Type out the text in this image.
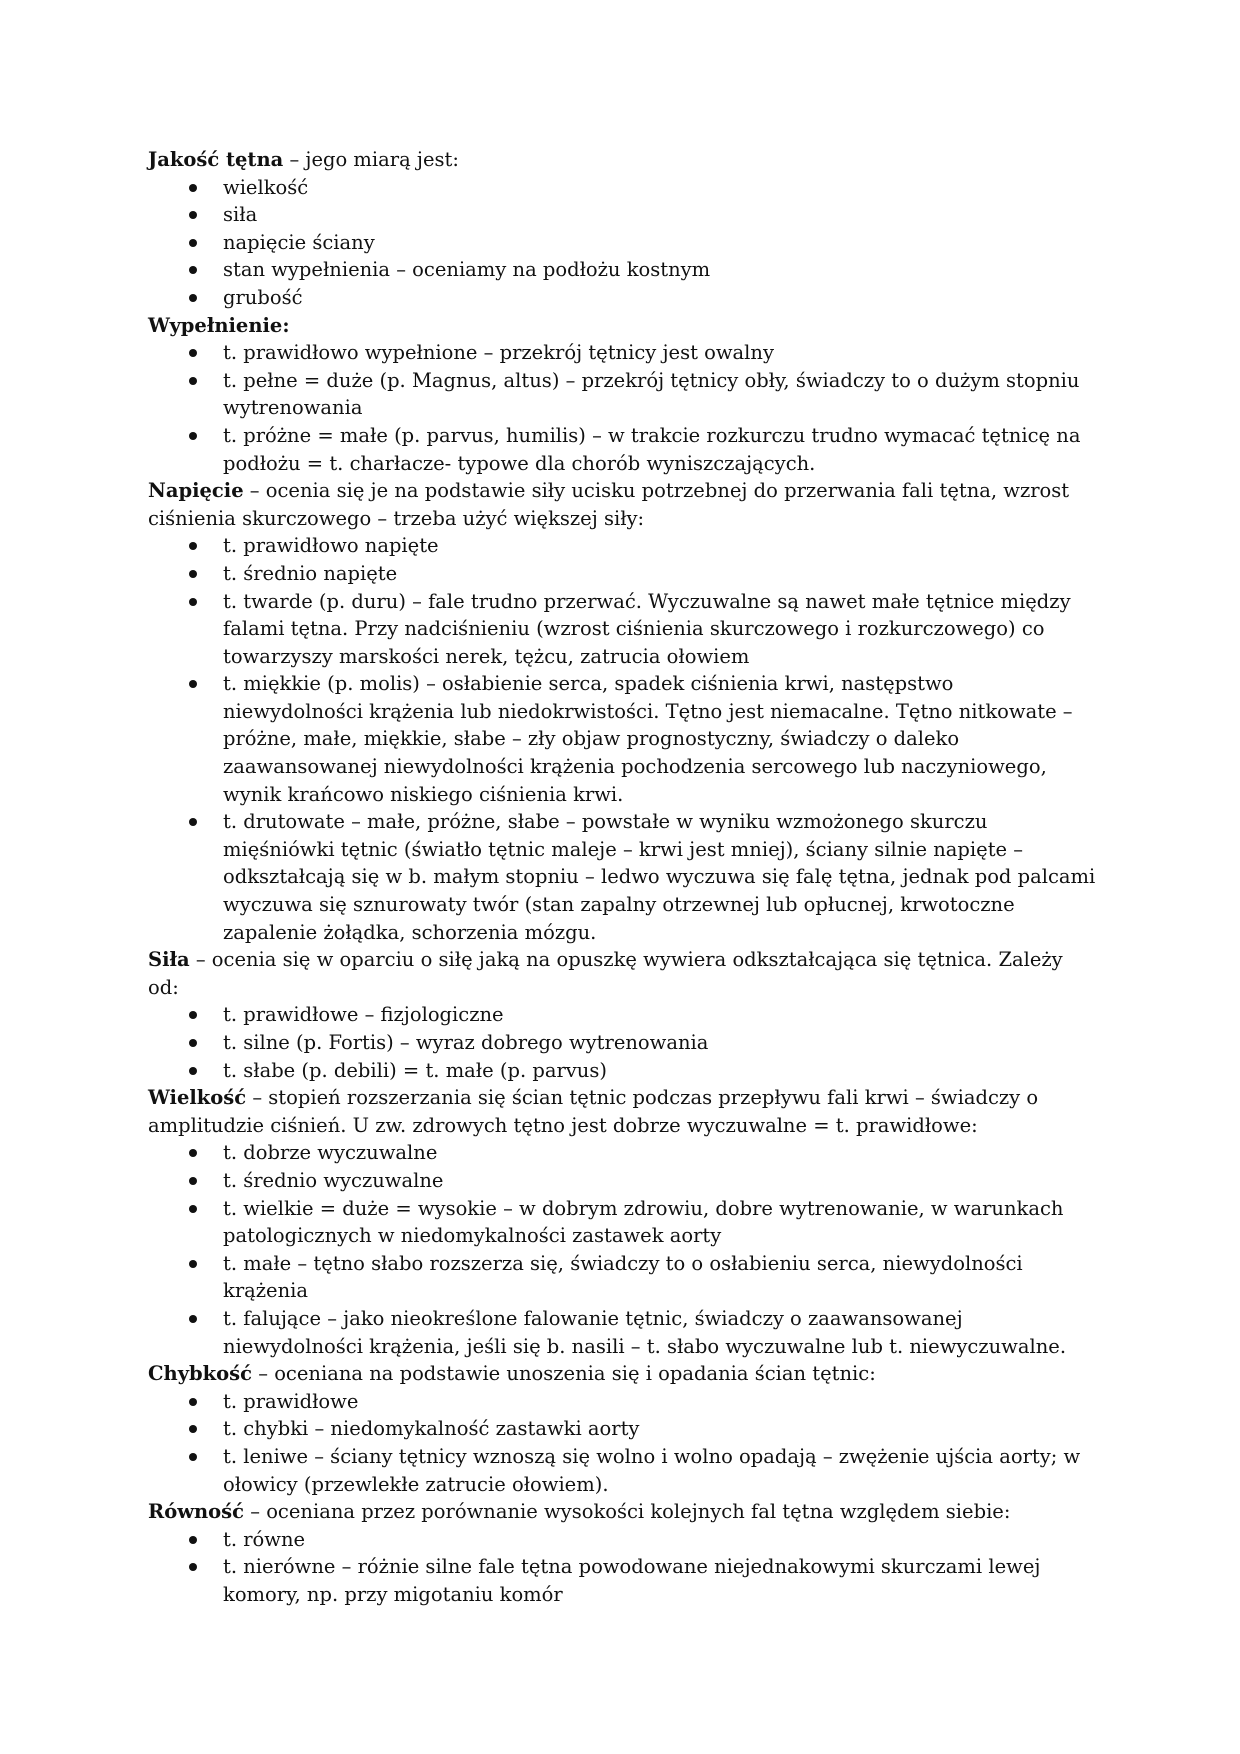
Jakość tętna – jego miarą jest:

wielkość
siła
napięcie ściany
stan wypełnienia – oceniamy na podłożu kostnym
grubość

Wypełnienie:

t. prawidłowo wypełnione – przekrój tętnicy jest owalny
t. pełne = duże (p. Magnus, altus) – przekrój tętnicy obły, świadczy to o dużym stopniu wytrenowania
t. próżne = małe (p. parvus, humilis) – w trakcie rozkurczu trudno wymacać tętnicę na podłożu = t. charłacze- typowe dla chorób wyniszczających.

Napięcie – ocenia się je na podstawie siły ucisku potrzebnej do przerwania fali tętna, wzrost ciśnienia skurczowego – trzeba użyć większej siły:

t. prawidłowo napięte
t. średnio napięte
t. twarde (p. duru) – fale trudno przerwać. Wyczuwalne są nawet małe tętnice między falami tętna. Przy nadciśnieniu (wzrost ciśnienia skurczowego i rozkurczowego) co towarzyszy marskości nerek, tężcu, zatrucia ołowiem
t. miękkie (p. molis) – osłabienie serca, spadek ciśnienia krwi, następstwo niewydolności krążenia lub niedokrwistości. Tętno jest niemacalne. Tętno nitkowate – próżne, małe, miękkie, słabe – zły objaw prognostyczny, świadczy o daleko zaawansowanej niewydolności krążenia pochodzenia sercowego lub naczyniowego, wynik krańcowo niskiego ciśnienia krwi.
t. drutowate – małe, próżne, słabe – powstałe w wyniku wzmożonego skurczu mięśniówki tętnic (światło tętnic maleje – krwi jest mniej), ściany silnie napięte – odkształcają się w b. małym stopniu – ledwo wyczuwa się falę tętna, jednak pod palcami wyczuwa się sznurowaty twór (stan zapalny otrzewnej lub opłucnej, krwotoczne zapalenie żołądka, schorzenia mózgu.

Siła – ocenia się w oparciu o siłę jaką na opuszkę wywiera odkształcająca się tętnica. Zależy od:

t. prawidłowe – fizjologiczne
t. silne (p. Fortis) – wyraz dobrego wytrenowania
t. słabe (p. debili) = t. małe (p. parvus)

Wielkość – stopień rozszerzania się ścian tętnic podczas przepływu fali krwi – świadczy o amplitudzie ciśnień. U zw. zdrowych tętno jest dobrze wyczuwalne = t. prawidłowe:

t. dobrze wyczuwalne
t. średnio wyczuwalne
t. wielkie = duże = wysokie – w dobrym zdrowiu, dobre wytrenowanie, w warunkach patologicznych w niedomykalności zastawek aorty
t. małe – tętno słabo rozszerza się, świadczy to o osłabieniu serca, niewydolności krążenia
t. falujące – jako nieokreślone falowanie tętnic, świadczy o zaawansowanej niewydolności krążenia, jeśli się b. nasili – t. słabo wyczuwalne lub t. niewyczuwalne.

Chybkość – oceniana na podstawie unoszenia się i opadania ścian tętnic:

t. prawidłowe
t. chybki – niedomykalność zastawki aorty
t. leniwe – ściany tętnicy wznoszą się wolno i wolno opadają – zwężenie ujścia aorty; w ołowicy (przewlekłe zatrucie ołowiem).

Równość – oceniana przez porównanie wysokości kolejnych fal tętna względem siebie:

t. równe
t. nierówne – różnie silne fale tętna powodowane niejednakowymi skurczami lewej komory, np. przy migotaniu komór
